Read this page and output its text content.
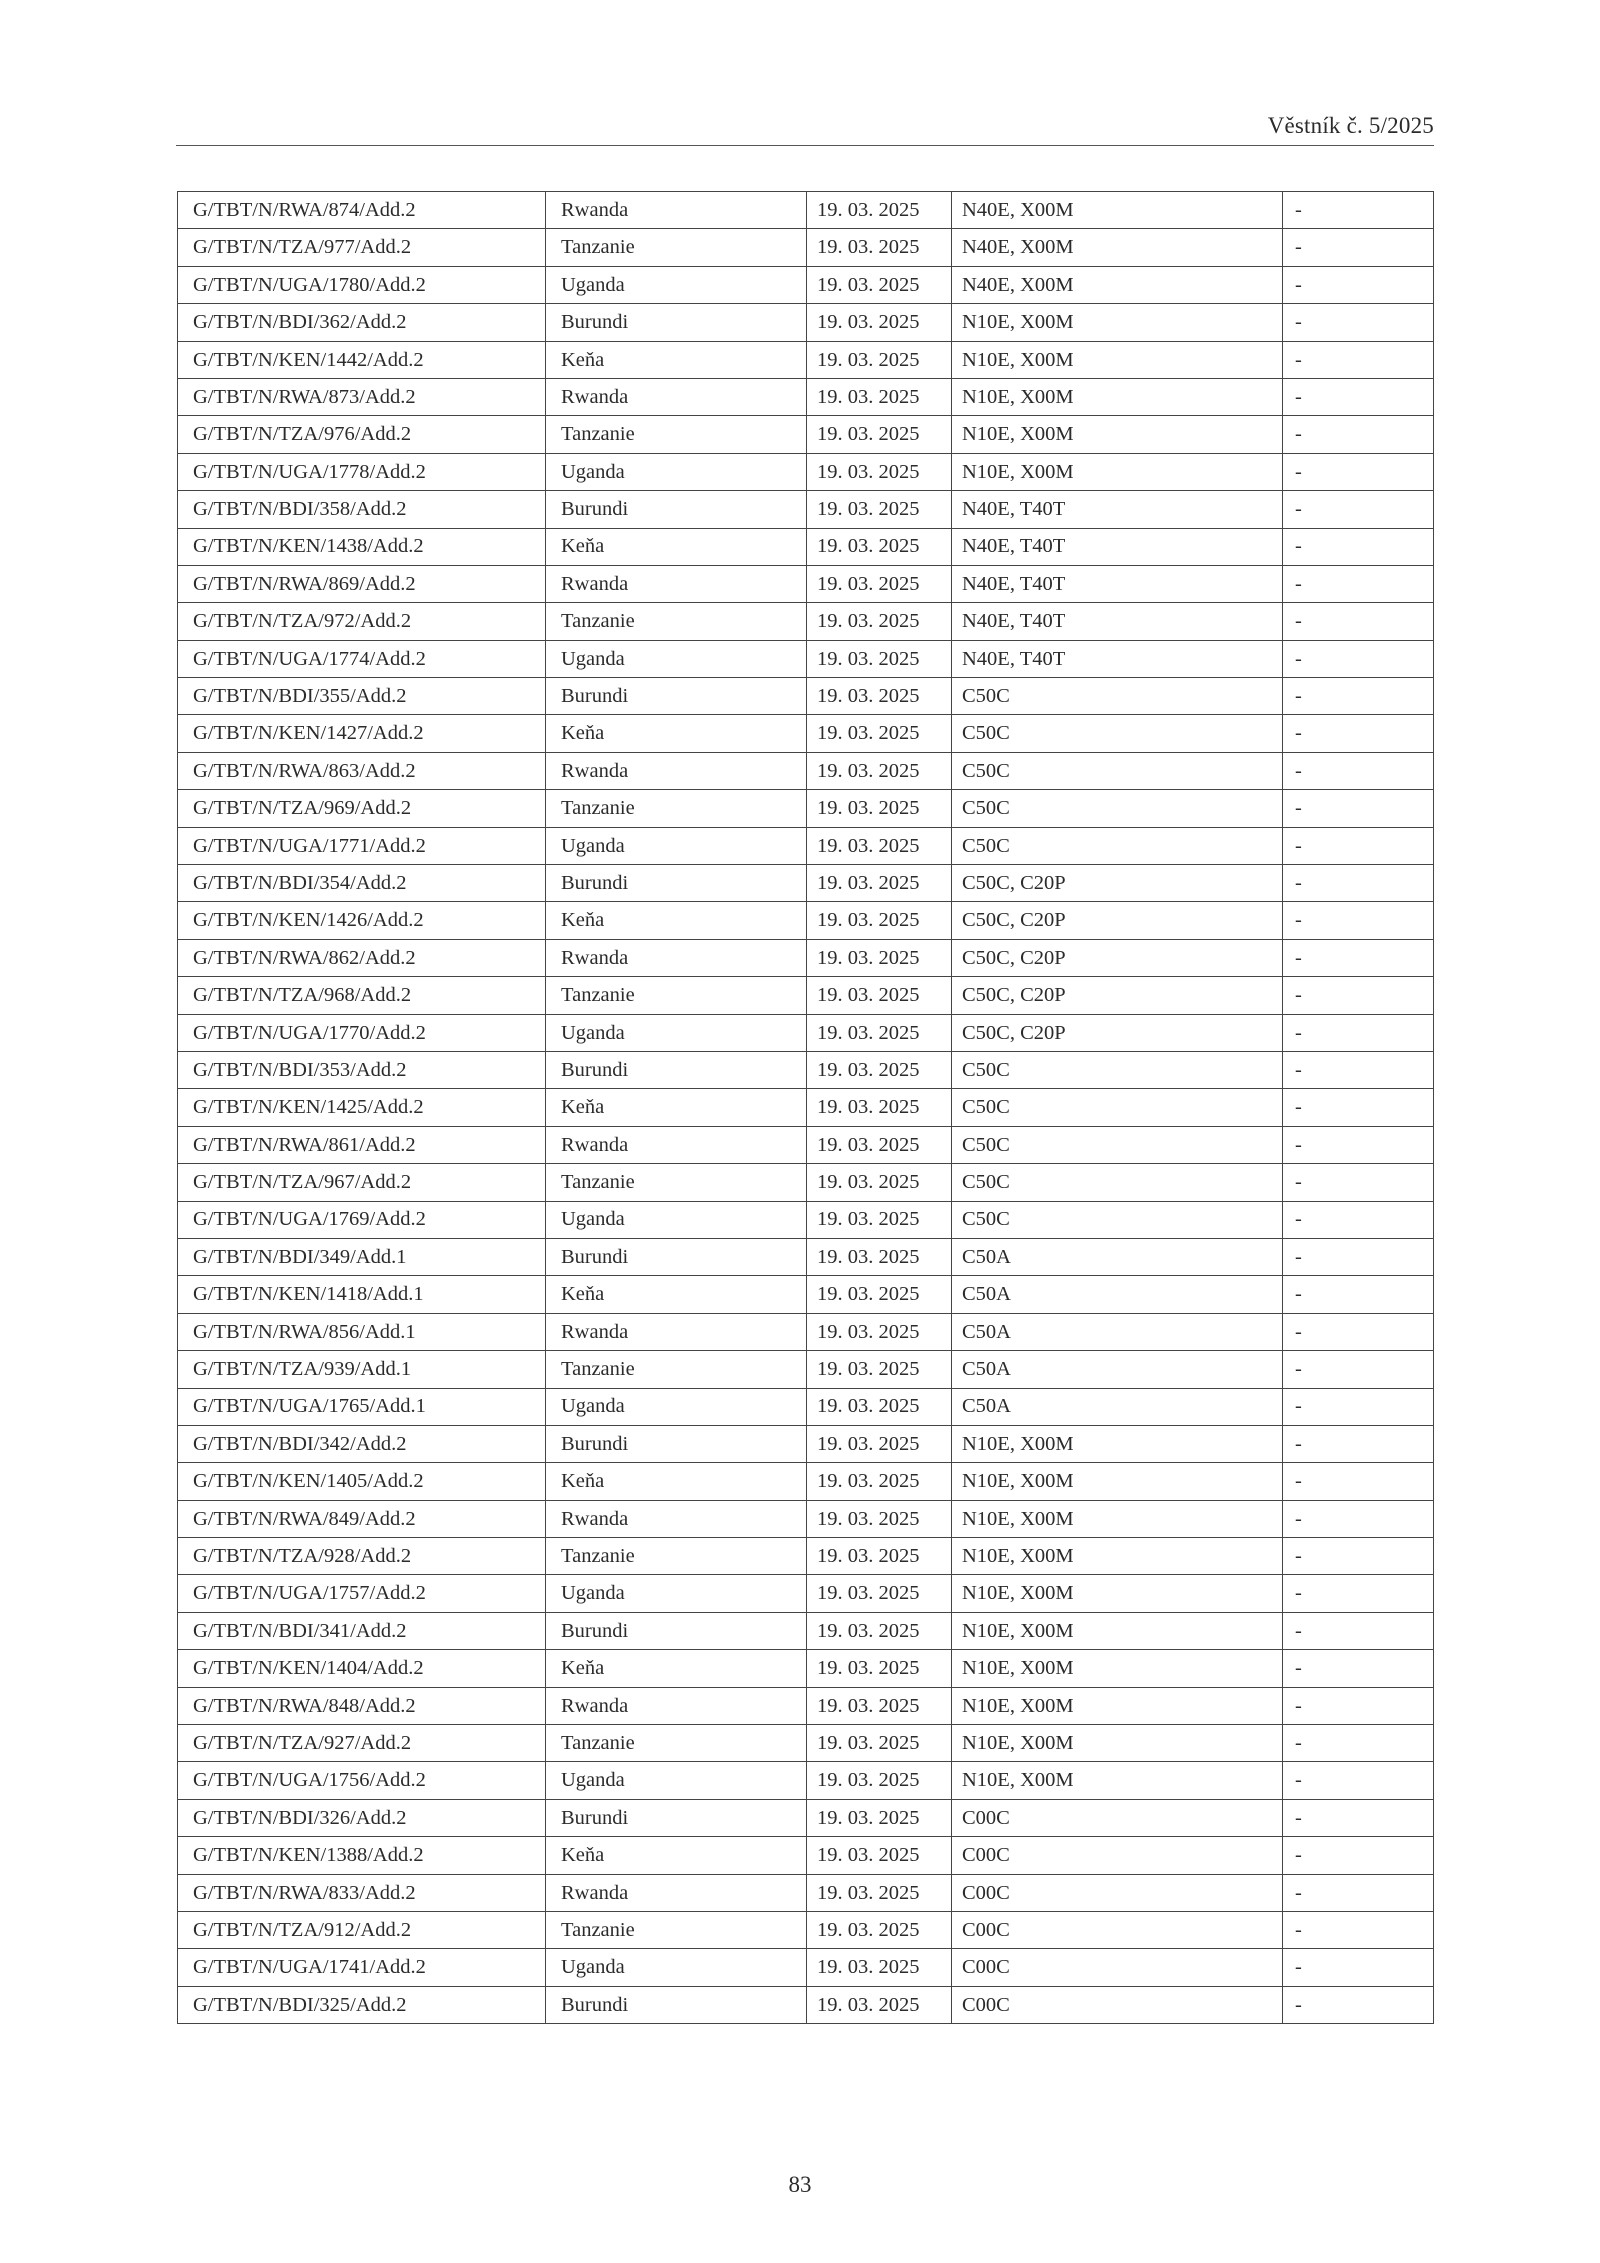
Věstník č. 5/2025
G/TBT/N/RWA/874/Add.2	Rwanda	19. 03. 2025	N40E, X00M	-
G/TBT/N/TZA/977/Add.2	Tanzanie	19. 03. 2025	N40E, X00M	-
G/TBT/N/UGA/1780/Add.2	Uganda	19. 03. 2025	N40E, X00M	-
G/TBT/N/BDI/362/Add.2	Burundi	19. 03. 2025	N10E, X00M	-
G/TBT/N/KEN/1442/Add.2	Keňa	19. 03. 2025	N10E, X00M	-
G/TBT/N/RWA/873/Add.2	Rwanda	19. 03. 2025	N10E, X00M	-
G/TBT/N/TZA/976/Add.2	Tanzanie	19. 03. 2025	N10E, X00M	-
G/TBT/N/UGA/1778/Add.2	Uganda	19. 03. 2025	N10E, X00M	-
G/TBT/N/BDI/358/Add.2	Burundi	19. 03. 2025	N40E, T40T	-
G/TBT/N/KEN/1438/Add.2	Keňa	19. 03. 2025	N40E, T40T	-
G/TBT/N/RWA/869/Add.2	Rwanda	19. 03. 2025	N40E, T40T	-
G/TBT/N/TZA/972/Add.2	Tanzanie	19. 03. 2025	N40E, T40T	-
G/TBT/N/UGA/1774/Add.2	Uganda	19. 03. 2025	N40E, T40T	-
G/TBT/N/BDI/355/Add.2	Burundi	19. 03. 2025	C50C	-
G/TBT/N/KEN/1427/Add.2	Keňa	19. 03. 2025	C50C	-
G/TBT/N/RWA/863/Add.2	Rwanda	19. 03. 2025	C50C	-
G/TBT/N/TZA/969/Add.2	Tanzanie	19. 03. 2025	C50C	-
G/TBT/N/UGA/1771/Add.2	Uganda	19. 03. 2025	C50C	-
G/TBT/N/BDI/354/Add.2	Burundi	19. 03. 2025	C50C, C20P	-
G/TBT/N/KEN/1426/Add.2	Keňa	19. 03. 2025	C50C, C20P	-
G/TBT/N/RWA/862/Add.2	Rwanda	19. 03. 2025	C50C, C20P	-
G/TBT/N/TZA/968/Add.2	Tanzanie	19. 03. 2025	C50C, C20P	-
G/TBT/N/UGA/1770/Add.2	Uganda	19. 03. 2025	C50C, C20P	-
G/TBT/N/BDI/353/Add.2	Burundi	19. 03. 2025	C50C	-
G/TBT/N/KEN/1425/Add.2	Keňa	19. 03. 2025	C50C	-
G/TBT/N/RWA/861/Add.2	Rwanda	19. 03. 2025	C50C	-
G/TBT/N/TZA/967/Add.2	Tanzanie	19. 03. 2025	C50C	-
G/TBT/N/UGA/1769/Add.2	Uganda	19. 03. 2025	C50C	-
G/TBT/N/BDI/349/Add.1	Burundi	19. 03. 2025	C50A	-
G/TBT/N/KEN/1418/Add.1	Keňa	19. 03. 2025	C50A	-
G/TBT/N/RWA/856/Add.1	Rwanda	19. 03. 2025	C50A	-
G/TBT/N/TZA/939/Add.1	Tanzanie	19. 03. 2025	C50A	-
G/TBT/N/UGA/1765/Add.1	Uganda	19. 03. 2025	C50A	-
G/TBT/N/BDI/342/Add.2	Burundi	19. 03. 2025	N10E, X00M	-
G/TBT/N/KEN/1405/Add.2	Keňa	19. 03. 2025	N10E, X00M	-
G/TBT/N/RWA/849/Add.2	Rwanda	19. 03. 2025	N10E, X00M	-
G/TBT/N/TZA/928/Add.2	Tanzanie	19. 03. 2025	N10E, X00M	-
G/TBT/N/UGA/1757/Add.2	Uganda	19. 03. 2025	N10E, X00M	-
G/TBT/N/BDI/341/Add.2	Burundi	19. 03. 2025	N10E, X00M	-
G/TBT/N/KEN/1404/Add.2	Keňa	19. 03. 2025	N10E, X00M	-
G/TBT/N/RWA/848/Add.2	Rwanda	19. 03. 2025	N10E, X00M	-
G/TBT/N/TZA/927/Add.2	Tanzanie	19. 03. 2025	N10E, X00M	-
G/TBT/N/UGA/1756/Add.2	Uganda	19. 03. 2025	N10E, X00M	-
G/TBT/N/BDI/326/Add.2	Burundi	19. 03. 2025	C00C	-
G/TBT/N/KEN/1388/Add.2	Keňa	19. 03. 2025	C00C	-
G/TBT/N/RWA/833/Add.2	Rwanda	19. 03. 2025	C00C	-
G/TBT/N/TZA/912/Add.2	Tanzanie	19. 03. 2025	C00C	-
G/TBT/N/UGA/1741/Add.2	Uganda	19. 03. 2025	C00C	-
G/TBT/N/BDI/325/Add.2	Burundi	19. 03. 2025	C00C	-
83
